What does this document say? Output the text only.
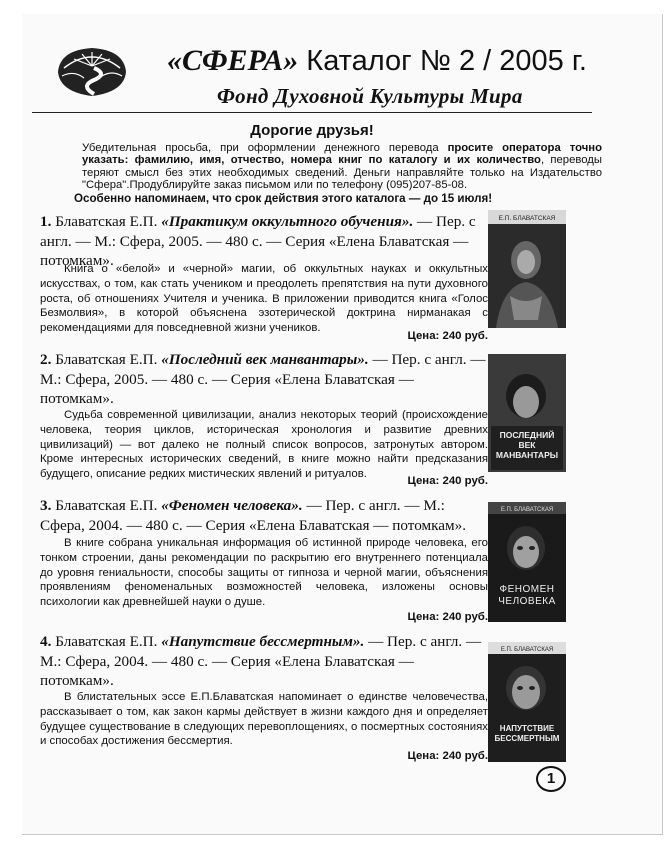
«СФЕРА» Каталог № 2 / 2005 г.
Фонд Духовной Культуры Мира
Дорогие друзья!
Убедительная просьба, при оформлении денежного перевода просите оператора точно указать: фамилию, имя, отчество, номера книг по каталогу и их количество, переводы теряют смысл без этих необходимых сведений. Деньги направляйте только на Издательство "Сфера".Продублируйте заказ письмом или по телефону (095)207-85-08.
Особенно напоминаем, что срок действия этого каталога — до 15 июля!
1. Блаватская Е.П. «Практикум оккультного обучения». — Пер. с англ. — М.: Сфера, 2005. — 480 с. — Серия «Елена Блаватская — потомкам».
Книга о «белой» и «черной» магии, об оккультных науках и оккультных искусствах, о том, как стать учеником и преодолеть препятствия на пути духовного роста, об отношениях Учителя и ученика. В приложении приводится книга «Голос Безмолвия», в которой объяснена эзотерической доктрина нирманакая с рекомендациями для повседневной жизни учеников.
Цена: 240 руб.
Е.П. БЛАВАТСКАЯ
2. Блаватская Е.П. «Последний век манвантары». — Пер. с англ. — М.: Сфера, 2005. — 480 с. — Серия «Елена Блаватская — потомкам».
Судьба современной цивилизации, анализ некоторых теорий (происхождение человека, теория циклов, историческая хронология и развитие древних цивилизаций) — вот далеко не полный список вопросов, затронутых автором. Кроме интересных исторических сведений, в книге можно найти предсказания будущего, описание редких мистических явлений и ритуалов.
Цена: 240 руб.
ПОСЛЕДНИЙ ВЕК МАНВАНТАРЫ
3. Блаватская Е.П. «Феномен человека». — Пер. с англ. — М.: Сфера, 2004. — 480 с. — Серия «Елена Блаватская — потомкам».
В книге собрана уникальная информация об истинной природе человека, его тонком строении, даны рекомендации по раскрытию его внутреннего потенциала до уровня гениальности, способы защиты от гипноза и черной магии, объяснения проявлениям феноменальных возможностей человека, изложены основы психологии как древнейшей науки о душе.
Цена: 240 руб.
Е.П. БЛАВАТСКАЯ
ФЕНОМЕН ЧЕЛОВЕКА
4. Блаватская Е.П. «Напутствие бессмертным». — Пер. с англ. — М.: Сфера, 2004. — 480 с. — Серия «Елена Блаватская — потомкам».
В блистательных эссе Е.П.Блаватская напоминает о единстве человечества, рассказывает о том, как закон кармы действует в жизни каждого дня и определяет будущее существование в следующих перевоплощениях, о посмертных состояниях и способах достижения бессмертия.
Цена: 240 руб.
Е.П. БЛАВАТСКАЯ
НАПУТСТВИЕ БЕССМЕРТНЫМ
1
